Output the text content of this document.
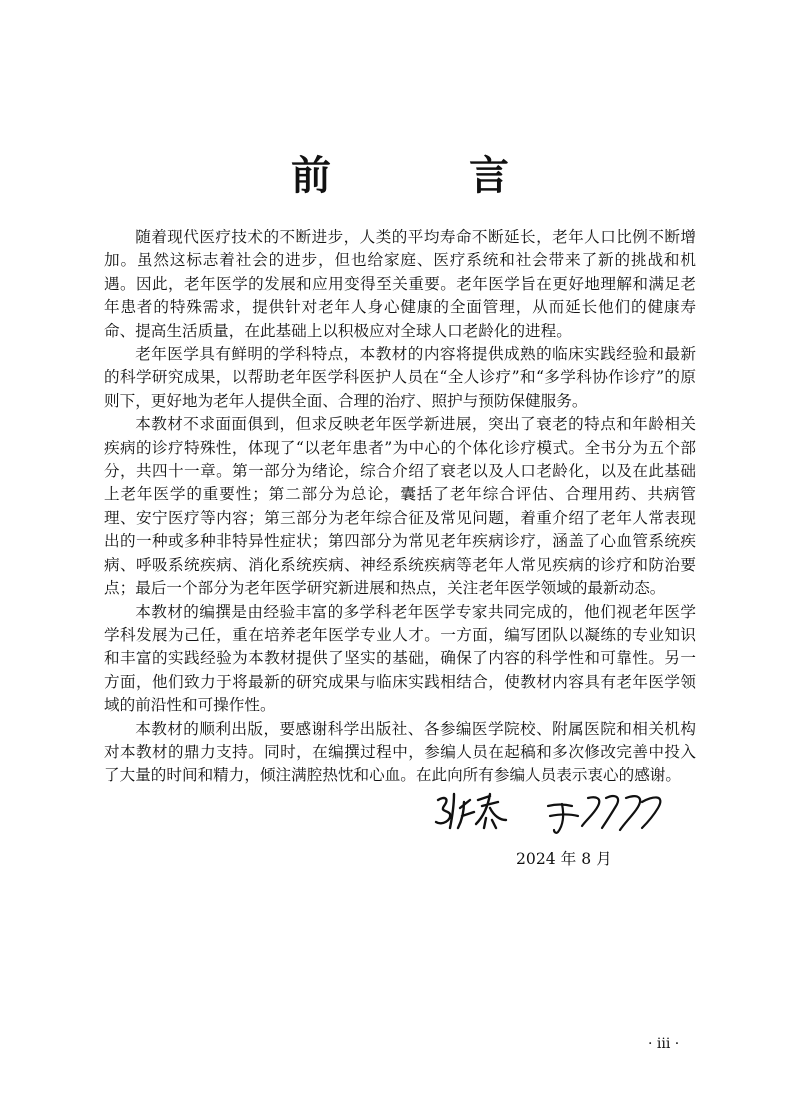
前 言

随着现代医疗技术的不断进步，人类的平均寿命不断延长，老年人口比例不断增加。虽然这标志着社会的进步，但也给家庭、医疗系统和社会带来了新的挑战和机遇。因此，老年医学的发展和应用变得至关重要。老年医学旨在更好地理解和满足老年患者的特殊需求，提供针对老年人身心健康的全面管理，从而延长他们的健康寿命、提高生活质量，在此基础上以积极应对全球人口老龄化的进程。

老年医学具有鲜明的学科特点，本教材的内容将提供成熟的临床实践经验和最新的科学研究成果，以帮助老年医学科医护人员在“全人诊疗”和“多学科协作诊疗”的原则下，更好地为老年人提供全面、合理的治疗、照护与预防保健服务。

本教材不求面面俱到，但求反映老年医学新进展，突出了衰老的特点和年龄相关疾病的诊疗特殊性，体现了“以老年患者”为中心的个体化诊疗模式。全书分为五个部分，共四十一章。第一部分为绪论，综合介绍了衰老以及人口老龄化，以及在此基础上老年医学的重要性；第二部分为总论，囊括了老年综合评估、合理用药、共病管理、安宁医疗等内容；第三部分为老年综合征及常见问题，着重介绍了老年人常表现出的一种或多种非特异性症状；第四部分为常见老年疾病诊疗，涵盖了心血管系统疾病、呼吸系统疾病、消化系统疾病、神经系统疾病等老年人常见疾病的诊疗和防治要点；最后一个部分为老年医学研究新进展和热点，关注老年医学领域的最新动态。

本教材的编撰是由经验丰富的多学科老年医学专家共同完成的，他们视老年医学学科发展为己任，重在培养老年医学专业人才。一方面，编写团队以凝练的专业知识和丰富的实践经验为本教材提供了坚实的基础，确保了内容的科学性和可靠性。另一方面，他们致力于将最新的研究成果与临床实践相结合，使教材内容具有老年医学领域的前沿性和可操作性。

本教材的顺利出版，要感谢科学出版社、各参编医学院校、附属医院和相关机构对本教材的鼎力支持。同时，在编撰过程中，参编人员在起稿和多次修改完善中投入了大量的时间和精力，倾注满腔热忱和心血。在此向所有参编人员表示衷心的感谢。

2024 年 8 月
· iii ·
